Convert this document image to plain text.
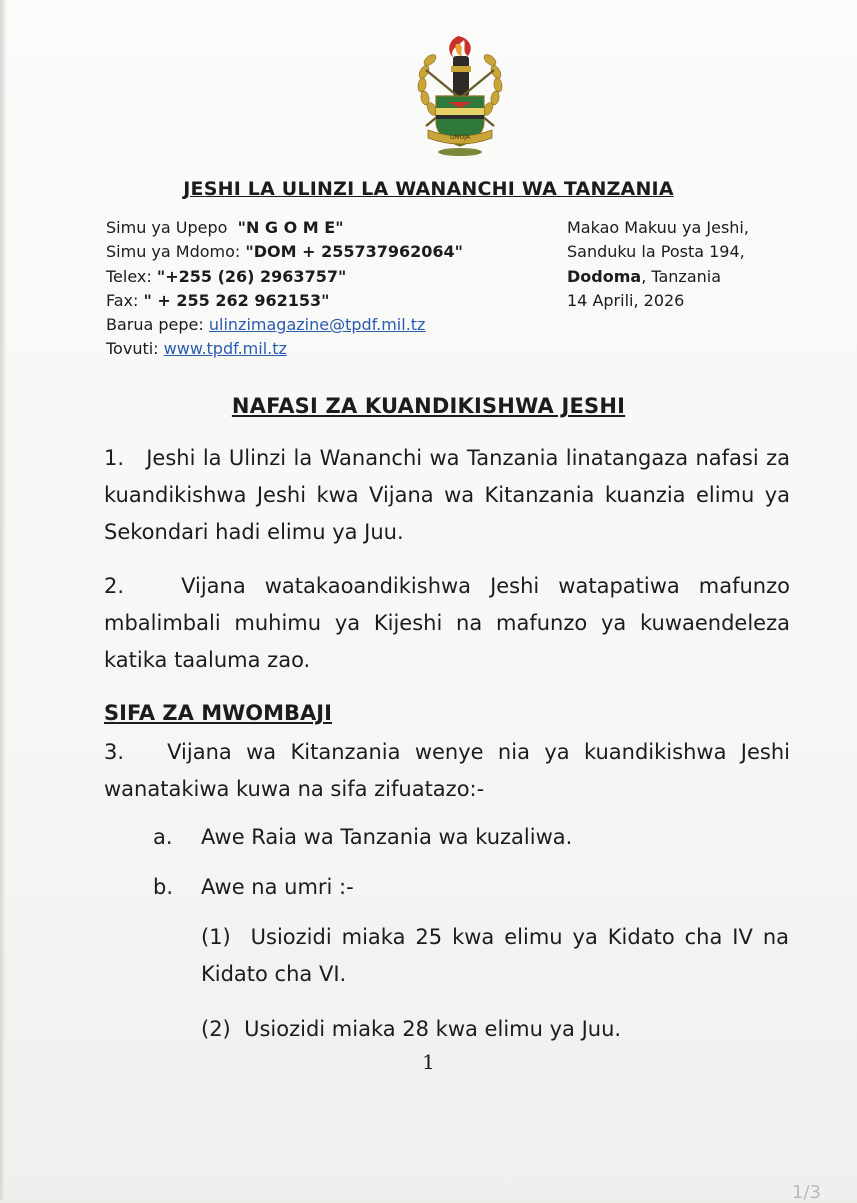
UMOJA
JESHI LA ULINZI LA WANANCHI WA TANZANIA
Simu ya Upepo "N G O M E"
Simu ya Mdomo: "DOM + 255737962064"
Telex: "+255 (26) 2963757"
Fax: " + 255 262 962153"
Barua pepe: ulinzimagazine@tpdf.mil.tz
Tovuti: www.tpdf.mil.tz
Makao Makuu ya Jeshi,
Sanduku la Posta 194,
Dodoma, Tanzania
14 Aprili, 2026
NAFASI ZA KUANDIKISHWA JESHI
1.   Jeshi la Ulinzi la Wananchi wa Tanzania linatangaza nafasi za kuandikishwa Jeshi kwa Vijana wa Kitanzania kuanzia elimu ya Sekondari hadi elimu ya Juu.
2.   Vijana watakaoandikishwa Jeshi watapatiwa mafunzo mbalimbali muhimu ya Kijeshi na mafunzo ya kuwaendeleza katika taaluma zao.
SIFA ZA MWOMBAJI
3.   Vijana wa Kitanzania wenye nia ya kuandikishwa Jeshi wanatakiwa kuwa na sifa zifuatazo:-
a. Awe Raia wa Tanzania wa kuzaliwa.
b. Awe na umri :-
(1)  Usiozidi miaka 25 kwa elimu ya Kidato cha IV na Kidato cha VI.
(2)  Usiozidi miaka 28 kwa elimu ya Juu.
1
1/3
